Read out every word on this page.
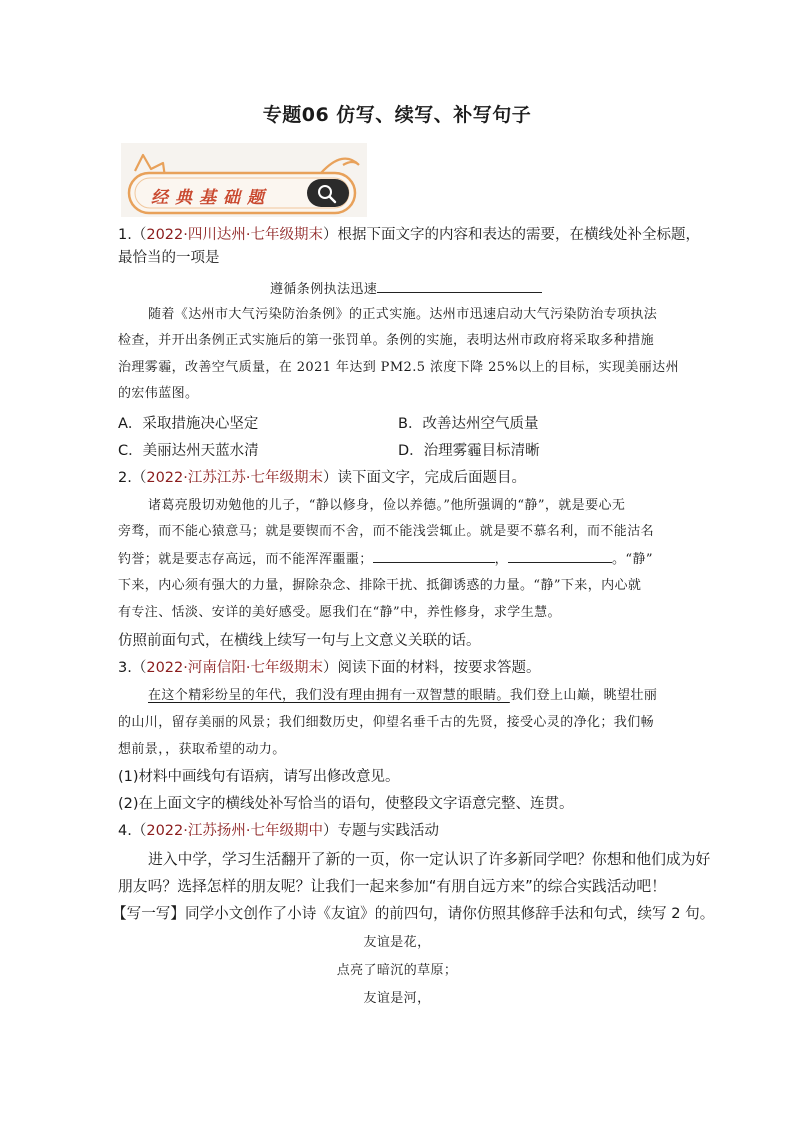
专题06 仿写、续写、补写句子
经典基础题
1.（2022·四川达州·七年级期末）根据下面文字的内容和表达的需要，在横线处补全标题，
最恰当的一项是
遵循条例执法迅速
随着《达州市大气污染防治条例》的正式实施。达州市迅速启动大气污染防治专项执法
检查，并开出条例正式实施后的第一张罚单。条例的实施，表明达州市政府将采取多种措施
治理雾霾，改善空气质量，在 2021 年达到 PM2.5 浓度下降 25%以上的目标，实现美丽达州
的宏伟蓝图。
A．采取措施决心坚定	B．改善达州空气质量
C．美丽达州天蓝水清	D．治理雾霾目标清晰
2.（2022·江苏江苏·七年级期末）读下面文字，完成后面题目。
诸葛亮殷切劝勉他的儿子，“静以修身，俭以养德。”他所强调的“静”，就是要心无
旁骛，而不能心猿意马；就是要锲而不舍，而不能浅尝辄止。就是要不慕名利，而不能沽名
钓誉；就是要志存高远，而不能浑浑噩噩；	，	。“静”
下来，内心须有强大的力量，摒除杂念、排除干扰、抵御诱惑的力量。“静”下来，内心就
有专注、恬淡、安详的美好感受。愿我们在“静”中，养性修身，求学生慧。
仿照前面句式，在横线上续写一句与上文意义关联的话。
3.（2022·河南信阳·七年级期末）阅读下面的材料，按要求答题。
在这个精彩纷呈的年代，我们没有理由拥有一双智慧的眼睛。我们登上山巅，眺望壮丽
的山川，留存美丽的风景；我们细数历史，仰望名垂千古的先贤，接受心灵的净化；我们畅
想前景，，获取希望的动力。
(1)材料中画线句有语病，请写出修改意见。
(2)在上面文字的横线处补写恰当的语句，使整段文字语意完整、连贯。
4.（2022·江苏扬州·七年级期中）专题与实践活动
进入中学，学习生活翻开了新的一页，你一定认识了许多新同学吧？你想和他们成为好
朋友吗？选择怎样的朋友呢？让我们一起来参加“有朋自远方来”的综合实践活动吧！
【写一写】同学小文创作了小诗《友谊》的前四句，请你仿照其修辞手法和句式，续写 2 句。
友谊是花，
点亮了暗沉的草原；
友谊是河，
